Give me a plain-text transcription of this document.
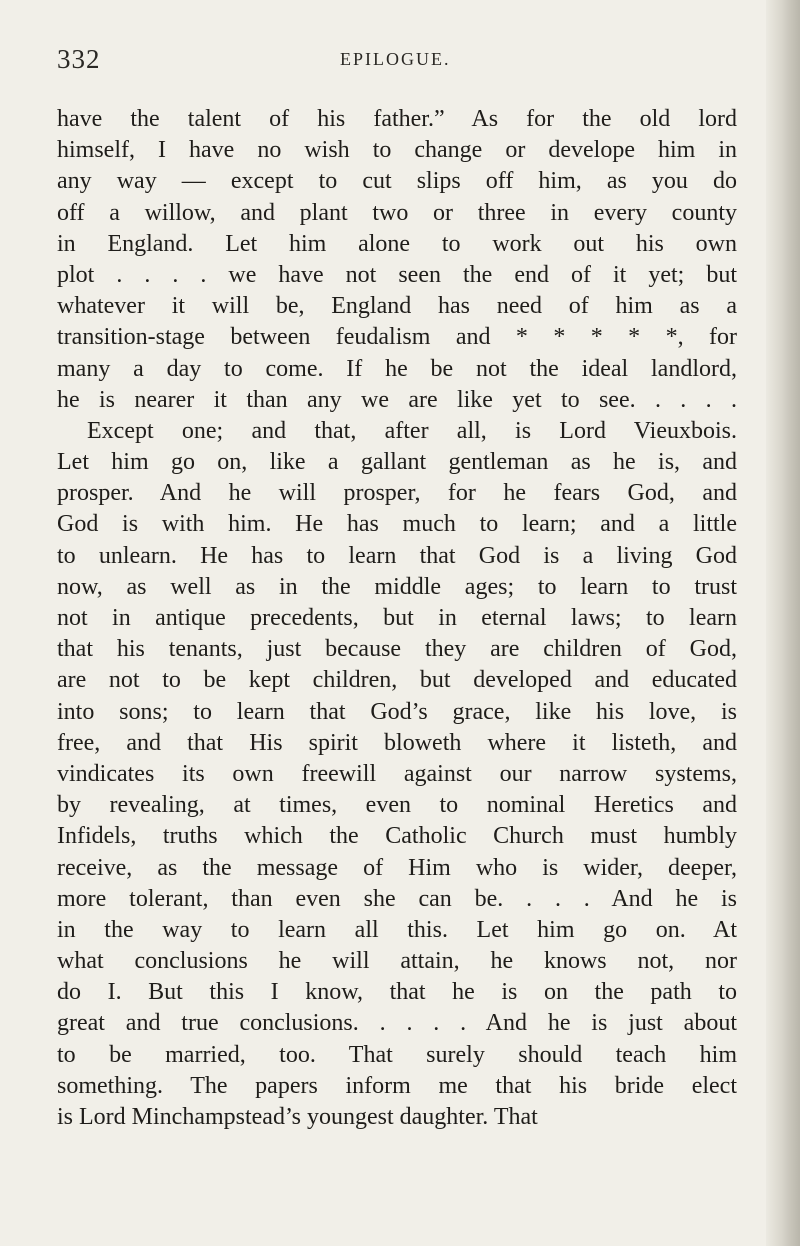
332	EPILOGUE.
have the talent of his father.” As for the old lord
himself, I have no wish to change or develope him in
any way — except to cut slips off him, as you do
off a willow, and plant two or three in every county
in England. Let him alone to work out his own
plot . . . . we have not seen the end of it yet; but
whatever it will be, England has need of him as a
transition-stage between feudalism and * * * * *, for
many a day to come. If he be not the ideal landlord,
he is nearer it than any we are like yet to see. . . . .
Except one; and that, after all, is Lord Vieuxbois.
Let him go on, like a gallant gentleman as he is, and
prosper. And he will prosper, for he fears God, and
God is with him. He has much to learn; and a little
to unlearn. He has to learn that God is a living God
now, as well as in the middle ages; to learn to trust
not in antique precedents, but in eternal laws; to learn
that his tenants, just because they are children of God,
are not to be kept children, but developed and educated
into sons; to learn that God’s grace, like his love, is
free, and that His spirit bloweth where it listeth, and
vindicates its own freewill against our narrow systems,
by revealing, at times, even to nominal Heretics and
Infidels, truths which the Catholic Church must humbly
receive, as the message of Him who is wider, deeper,
more tolerant, than even she can be. . . . And he is
in the way to learn all this. Let him go on. At
what conclusions he will attain, he knows not, nor
do I. But this I know, that he is on the path to
great and true conclusions. . . . . And he is just about
to be married, too. That surely should teach him
something. The papers inform me that his bride elect
is Lord Minchampstead’s youngest daughter. That
